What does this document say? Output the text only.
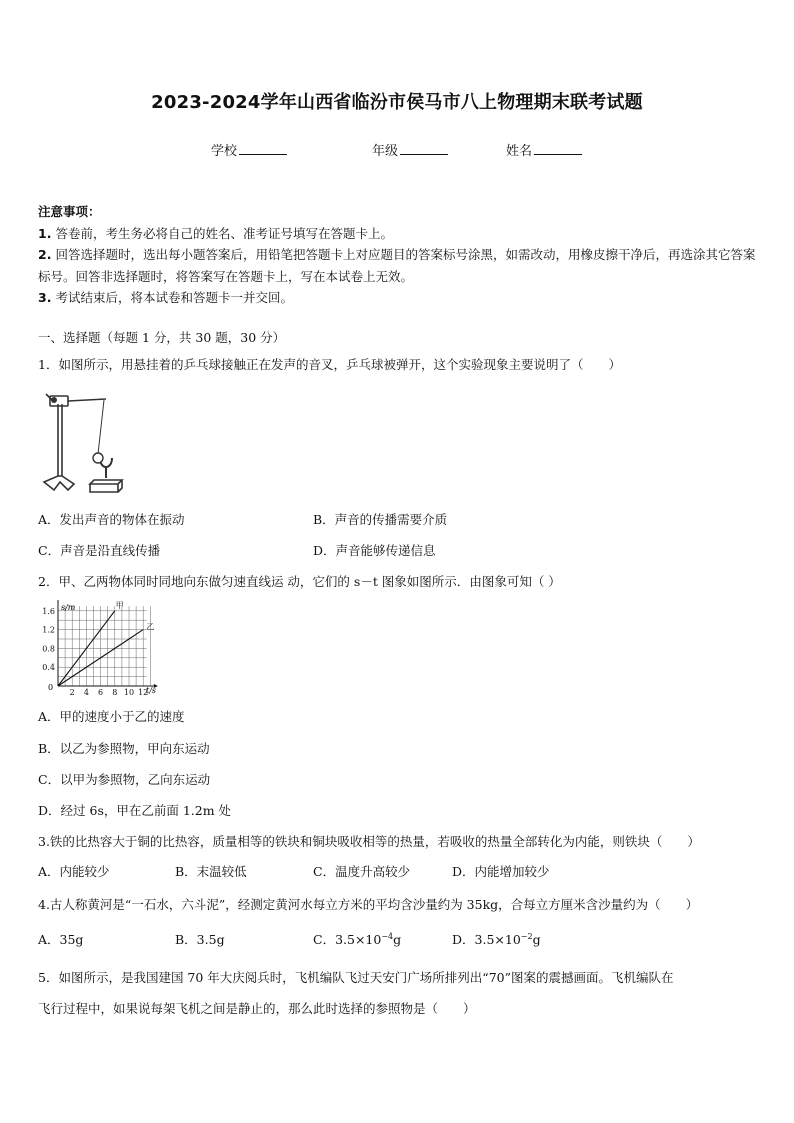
2023-2024学年山西省临汾市侯马市八上物理期末联考试题
学校	年级	姓名
注意事项：
1. 答卷前，考生务必将自己的姓名、准考证号填写在答题卡上。
2. 回答选择题时，选出每小题答案后，用铅笔把答题卡上对应题目的答案标号涂黑，如需改动，用橡皮擦干净后，再选涂其它答案标号。回答非选择题时，将答案写在答题卡上，写在本试卷上无效。
3. 考试结束后，将本试卷和答题卡一并交回。
一、选择题（每题 1 分，共 30 题，30 分）
1．如图所示，用悬挂着的乒乓球接触正在发声的音叉，乒乓球被弹开，这个实验现象主要说明了（　　）
A．发出声音的物体在振动	B．声音的传播需要介质
C．声音是沿直线传播	D．声音能够传递信息
2．甲、乙两物体同时同地向东做匀速直线运 动，它们的 s－t 图象如图所示．由图象可知（ ）
甲
乙
2 4 6 8 10 12
0.4
0.8
1.2
1.6 s/m
t/s
0
A．甲的速度小于乙的速度
B．以乙为参照物，甲向东运动
C．以甲为参照物，乙向东运动
D．经过 6s，甲在乙前面 1.2m 处
3.铁的比热容大于铜的比热容，质量相等的铁块和铜块吸收相等的热量，若吸收的热量全部转化为内能，则铁块（　　）
A．内能较少	B．末温较低	C．温度升高较少	D．内能增加较少
4.古人称黄河是“一石水，六斗泥”，经测定黄河水每立方米的平均含沙量约为 35kg，合每立方厘米含沙量约为（　　）
A．35g	B．3.5g	C．$3.5\times 10^{-4}g$	D．$3.5\times 10^{-2}g$
5．如图所示，是我国建国 70 年大庆阅兵时，飞机编队飞过天安门广场所排列出“70”图案的震撼画面。飞机编队在
飞行过程中，如果说每架飞机之间是静止的，那么此时选择的参照物是（　　）
